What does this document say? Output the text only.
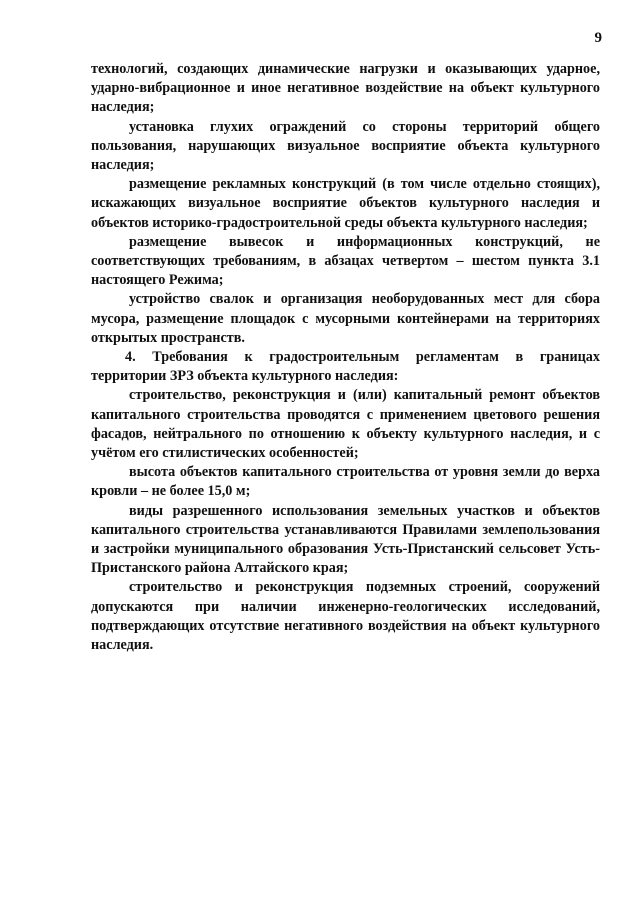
9

технологий, создающих динамические нагрузки и оказывающих ударное, ударно-вибрационное и иное негативное воздействие на объект культурного наследия;

установка глухих ограждений со стороны территорий общего пользования, нарушающих визуальное восприятие объекта культурного наследия;

размещение рекламных конструкций (в том числе отдельно стоящих), искажающих визуальное восприятие объектов культурного наследия и объектов историко-градостроительной среды объекта культурного наследия;

размещение вывесок и информационных конструкций, не соответствующих требованиям, в абзацах четвертом – шестом пункта 3.1 настоящего Режима;

устройство свалок и организация необорудованных мест для сбора мусора, размещение площадок с мусорными контейнерами на территориях открытых пространств.

4. Требования к градостроительным регламентам в границах территории ЗРЗ объекта культурного наследия:

строительство, реконструкция и (или) капитальный ремонт объектов капитального строительства проводятся с применением цветового решения фасадов, нейтрального по отношению к объекту культурного наследия, и с учётом его стилистических особенностей;

высота объектов капитального строительства от уровня земли до верха кровли – не более 15,0 м;

виды разрешенного использования земельных участков и объектов капитального строительства устанавливаются Правилами землепользования и застройки муниципального образования Усть-Пристанский сельсовет Усть-Пристанского района Алтайского края;

строительство и реконструкция подземных строений, сооружений допускаются при наличии инженерно-геологических исследований, подтверждающих отсутствие негативного воздействия на объект культурного наследия.
